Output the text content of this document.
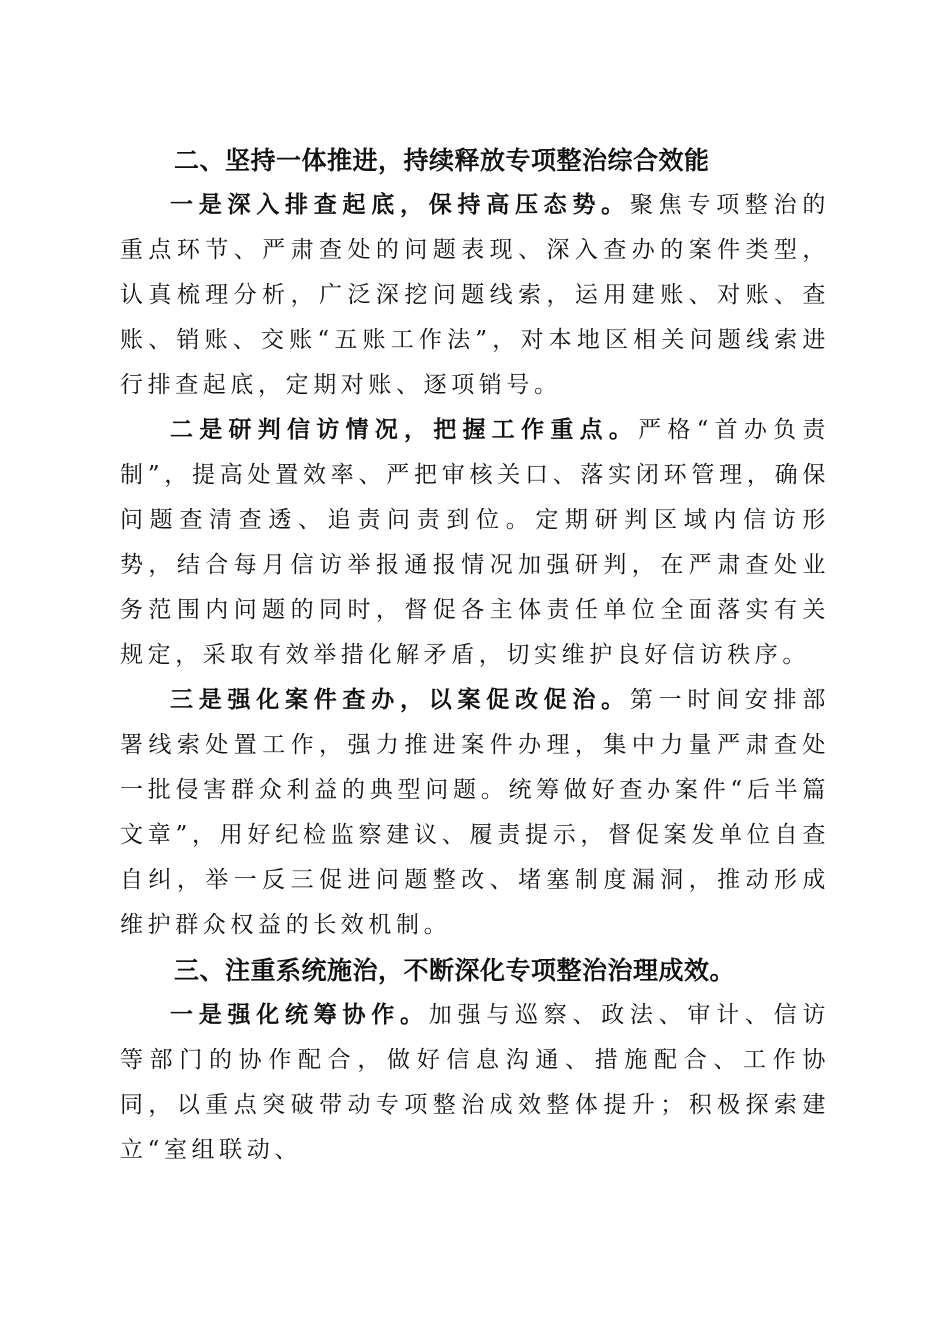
二、坚持一体推进，持续释放专项整治综合效能

一是深入排查起底，保持高压态势。聚焦专项整治的重点环节、严肃查处的问题表现、深入查办的案件类型，认真梳理分析，广泛深挖问题线索，运用建账、对账、查账、销账、交账“五账工作法”，对本地区相关问题线索进行排查起底，定期对账、逐项销号。

二是研判信访情况，把握工作重点。严格“首办负责制”，提高处置效率、严把审核关口、落实闭环管理，确保问题查清查透、追责问责到位。定期研判区域内信访形势，结合每月信访举报通报情况加强研判，在严肃查处业务范围内问题的同时，督促各主体责任单位全面落实有关规定，采取有效举措化解矛盾，切实维护良好信访秩序。

三是强化案件查办，以案促改促治。第一时间安排部署线索处置工作，强力推进案件办理，集中力量严肃查处一批侵害群众利益的典型问题。统筹做好查办案件“后半篇文章”，用好纪检监察建议、履责提示，督促案发单位自查自纠，举一反三促进问题整改、堵塞制度漏洞，推动形成维护群众权益的长效机制。

三、注重系统施治，不断深化专项整治治理成效。

一是强化统筹协作。加强与巡察、政法、审计、信访等部门的协作配合，做好信息沟通、措施配合、工作协同，以重点突破带动专项整治成效整体提升；积极探索建立“室组联动、
